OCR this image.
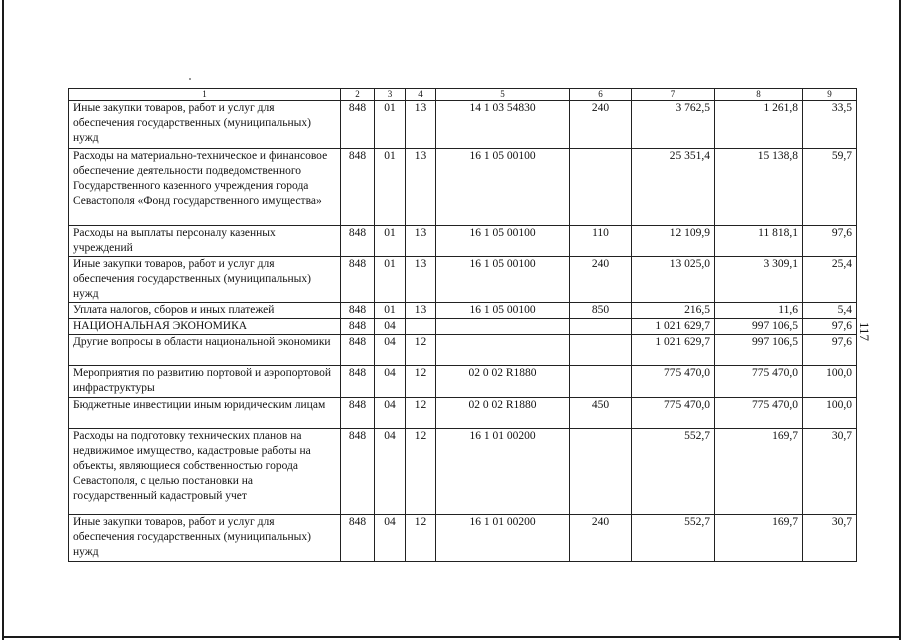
1	2	3	4	5	6	7	8	9
Иные закупки товаров, работ и услуг для обеспечения государственных (муниципальных) нужд	848	01	13	14 1 03 54830	240	3 762,5	1 261,8	33,5
Расходы на материально-техническое и финансовое обеспечение деятельности подведомственного Государственного казенного учреждения города Севастополя «Фонд государственного имущества»	848	01	13	16 1 05 00100		25 351,4	15 138,8	59,7
Расходы на выплаты персоналу казенных учреждений	848	01	13	16 1 05 00100	110	12 109,9	11 818,1	97,6
Иные закупки товаров, работ и услуг для обеспечения государственных (муниципальных) нужд	848	01	13	16 1 05 00100	240	13 025,0	3 309,1	25,4
Уплата налогов, сборов и иных платежей	848	01	13	16 1 05 00100	850	216,5	11,6	5,4
НАЦИОНАЛЬНАЯ ЭКОНОМИКА	848	04				1 021 629,7	997 106,5	97,6
Другие вопросы в области национальной экономики	848	04	12			1 021 629,7	997 106,5	97,6
Мероприятия по развитию портовой и аэропортовой инфраструктуры	848	04	12	02 0 02 R1880		775 470,0	775 470,0	100,0
Бюджетные инвестиции иным юридическим лицам	848	04	12	02 0 02 R1880	450	775 470,0	775 470,0	100,0
Расходы на подготовку технических планов на недвижимое имущество, кадастровые работы на объекты, являющиеся собственностью города Севастополя, с целью постановки на государственный кадастровый учет	848	04	12	16 1 01 00200		552,7	169,7	30,7
Иные закупки товаров, работ и услуг для обеспечения государственных (муниципальных) нужд	848	04	12	16 1 01 00200	240	552,7	169,7	30,7
117
